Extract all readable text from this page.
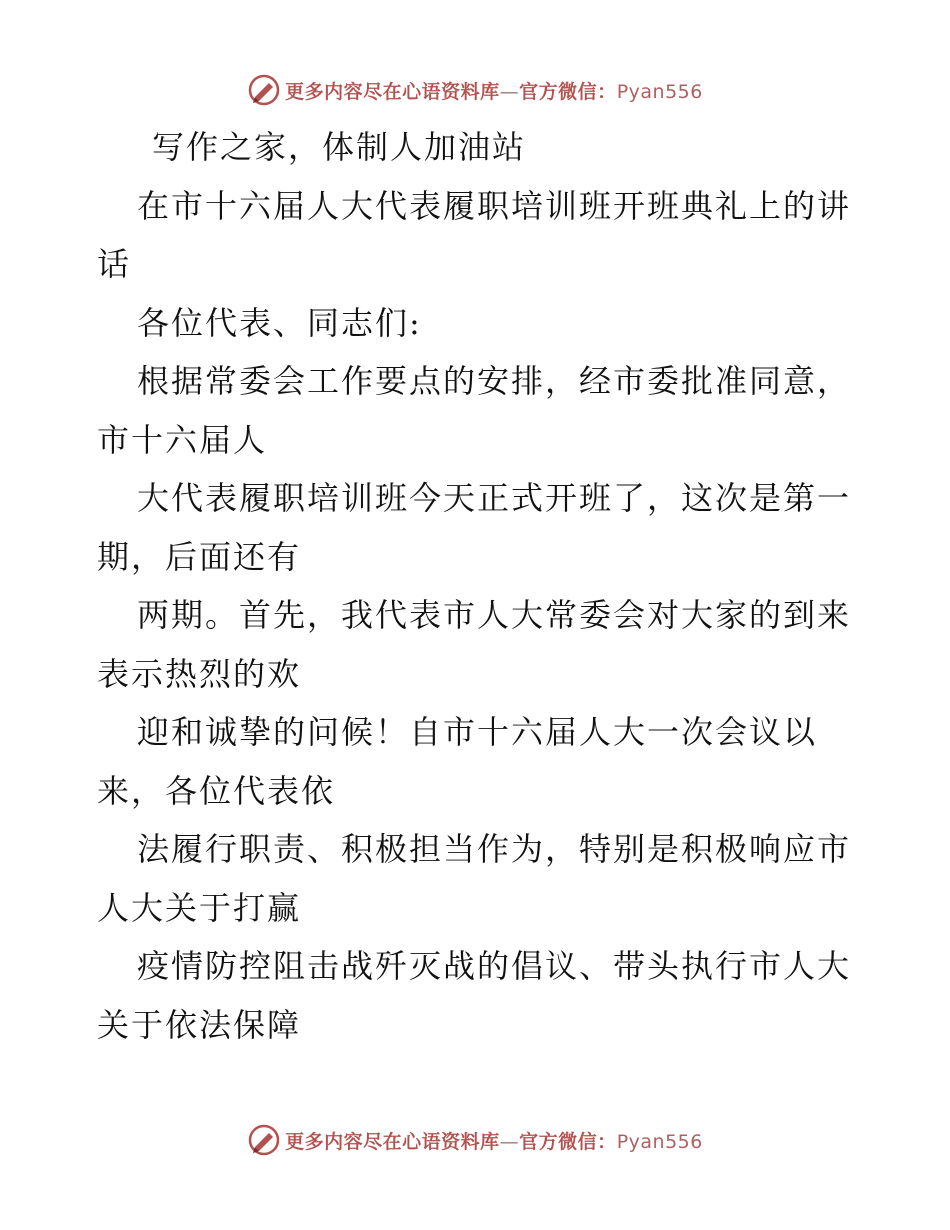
更多内容尽在心语资料库—官方微信：Pyan556
写作之家，体制人加油站
在市十六届人大代表履职培训班开班典礼上的讲
话
各位代表、同志们:
根据常委会工作要点的安排，经市委批准同意，
市十六届人
大代表履职培训班今天正式开班了，这次是第一
期，后面还有
两期。首先，我代表市人大常委会对大家的到来
表示热烈的欢
迎和诚挚的问候！自市十六届人大一次会议以
来，各位代表依
法履行职责、积极担当作为，特别是积极响应市
人大关于打赢
疫情防控阻击战歼灭战的倡议、带头执行市人大
关于依法保障
更多内容尽在心语资料库—官方微信：Pyan556
